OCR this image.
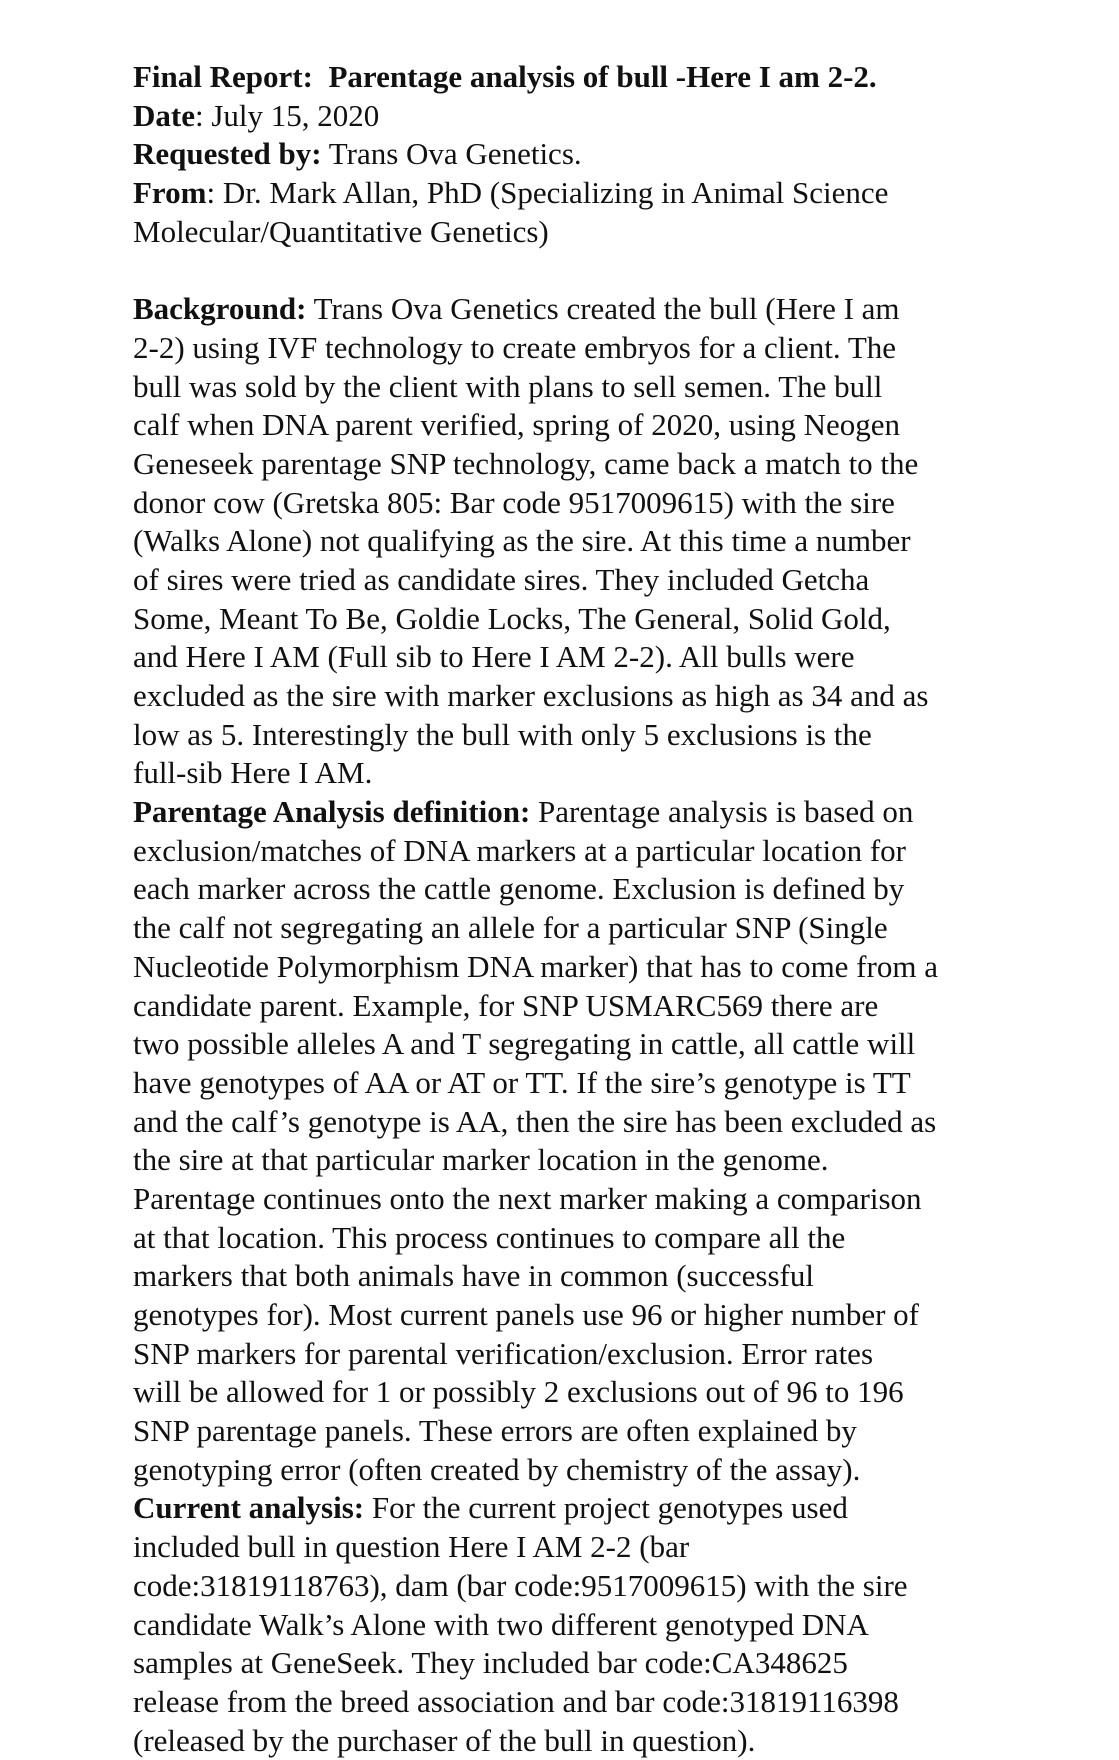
Final Report: Parentage analysis of bull -Here I am 2-2.
Date: July 15, 2020
Requested by: Trans Ova Genetics.
From: Dr. Mark Allan, PhD (Specializing in Animal Science
Molecular/Quantitative Genetics)
Background: Trans Ova Genetics created the bull (Here I am
2-2) using IVF technology to create embryos for a client. The
bull was sold by the client with plans to sell semen. The bull
calf when DNA parent verified, spring of 2020, using Neogen
Geneseek parentage SNP technology, came back a match to the
donor cow (Gretska 805: Bar code 9517009615) with the sire
(Walks Alone) not qualifying as the sire. At this time a number
of sires were tried as candidate sires. They included Getcha
Some, Meant To Be, Goldie Locks, The General, Solid Gold,
and Here I AM (Full sib to Here I AM 2-2). All bulls were
excluded as the sire with marker exclusions as high as 34 and as
low as 5. Interestingly the bull with only 5 exclusions is the
full-sib Here I AM.
Parentage Analysis definition: Parentage analysis is based on
exclusion/matches of DNA markers at a particular location for
each marker across the cattle genome. Exclusion is defined by
the calf not segregating an allele for a particular SNP (Single
Nucleotide Polymorphism DNA marker) that has to come from a
candidate parent. Example, for SNP USMARC569 there are
two possible alleles A and T segregating in cattle, all cattle will
have genotypes of AA or AT or TT. If the sire’s genotype is TT
and the calf’s genotype is AA, then the sire has been excluded as
the sire at that particular marker location in the genome.
Parentage continues onto the next marker making a comparison
at that location. This process continues to compare all the
markers that both animals have in common (successful
genotypes for). Most current panels use 96 or higher number of
SNP markers for parental verification/exclusion. Error rates
will be allowed for 1 or possibly 2 exclusions out of 96 to 196
SNP parentage panels. These errors are often explained by
genotyping error (often created by chemistry of the assay).
Current analysis: For the current project genotypes used
included bull in question Here I AM 2-2 (bar
code:31819118763), dam (bar code:9517009615) with the sire
candidate Walk’s Alone with two different genotyped DNA
samples at GeneSeek. They included bar code:CA348625
release from the breed association and bar code:31819116398
(released by the purchaser of the bull in question).
